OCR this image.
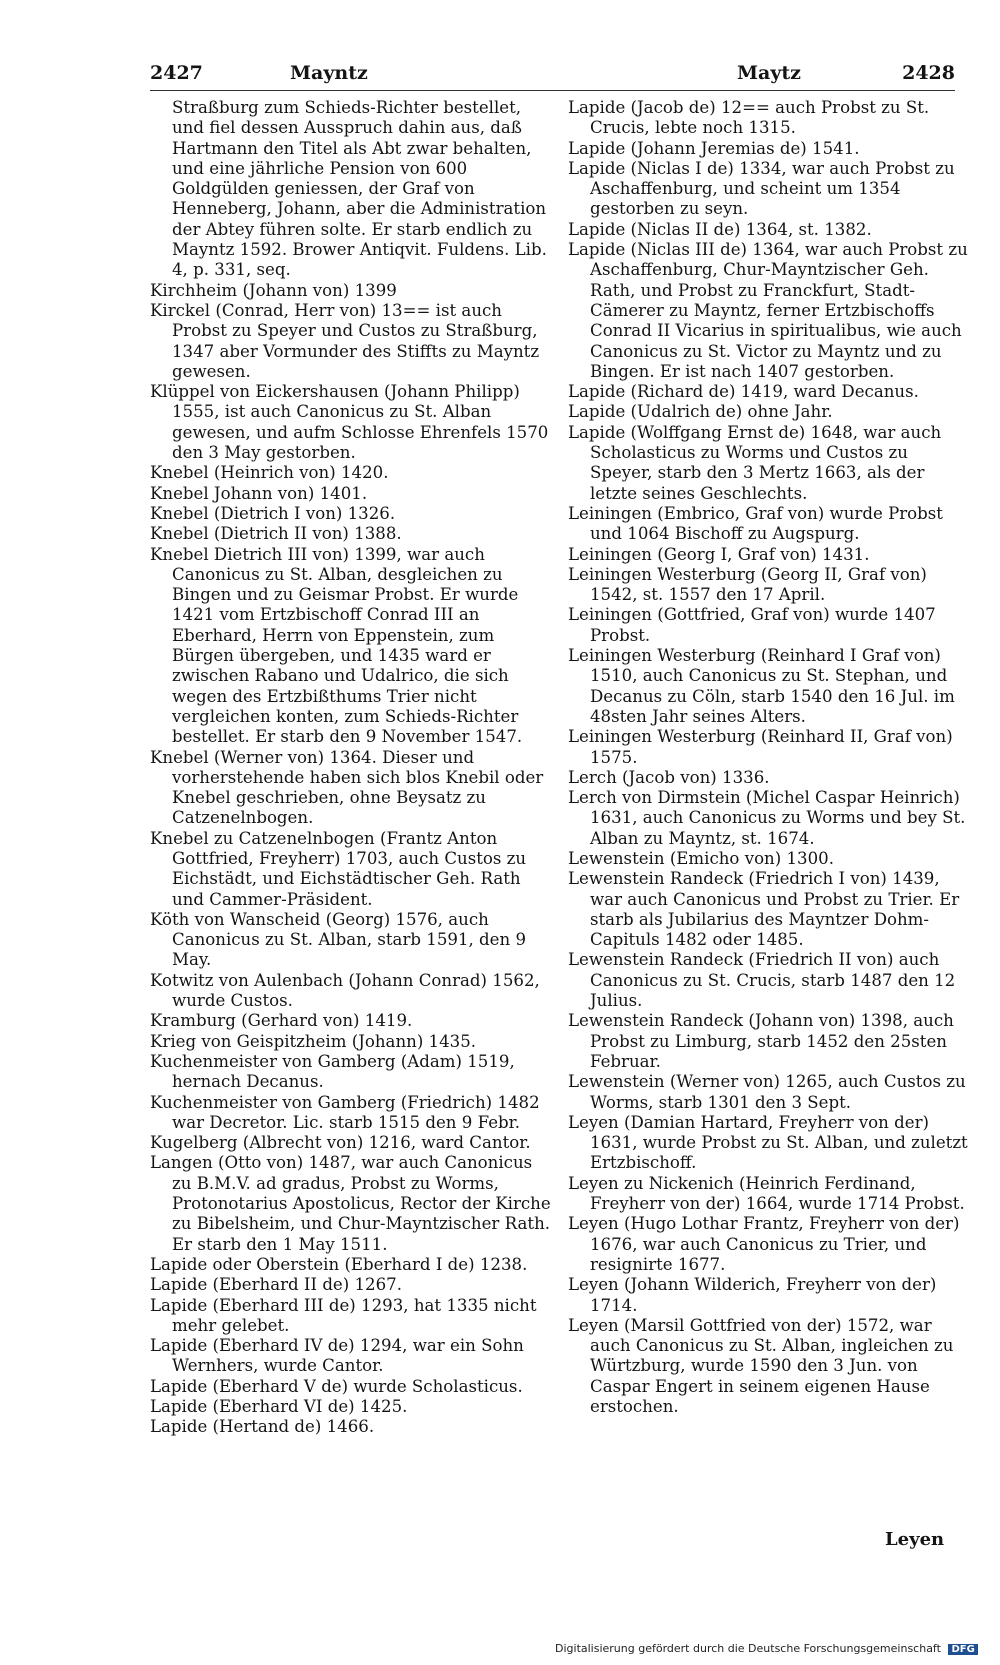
2427	Mayntz	Maytz	2428

Straßburg zum Schieds-Richter bestellet, und fiel dessen Ausspruch dahin aus, daß Hartmann den Titel als Abt zwar behalten, und eine jährliche Pension von 600 Goldgülden geniessen, der Graf von Henneberg, Johann, aber die Administration der Abtey führen solte. Er starb endlich zu Mayntz 1592. Brower Antiqvit. Fuldens. Lib. 4, p. 331, seq.

Kirchheim (Johann von) 1399

Kirckel (Conrad, Herr von) 13== ist auch Probst zu Speyer und Custos zu Straßburg, 1347 aber Vormunder des Stiffts zu Mayntz gewesen.

Klüppel von Eickershausen (Johann Philipp) 1555, ist auch Canonicus zu St. Alban gewesen, und aufm Schlosse Ehrenfels 1570 den 3 May gestorben.

Knebel (Heinrich von) 1420.

Knebel Johann von) 1401.

Knebel (Dietrich I von) 1326.

Knebel (Dietrich II von) 1388.

Knebel Dietrich III von) 1399, war auch Canonicus zu St. Alban, desgleichen zu Bingen und zu Geismar Probst. Er wurde 1421 vom Ertzbischoff Conrad III an Eberhard, Herrn von Eppenstein, zum Bürgen übergeben, und 1435 ward er zwischen Rabano und Udalrico, die sich wegen des Ertzbißthums Trier nicht vergleichen konten, zum Schieds-Richter bestellet. Er starb den 9 November 1547.

Knebel (Werner von) 1364. Dieser und vorherstehende haben sich blos Knebil oder Knebel geschrieben, ohne Beysatz zu Catzenelnbogen.

Knebel zu Catzenelnbogen (Frantz Anton Gottfried, Freyherr) 1703, auch Custos zu Eichstädt, und Eichstädtischer Geh. Rath und Cammer-Präsident.

Köth von Wanscheid (Georg) 1576, auch Canonicus zu St. Alban, starb 1591, den 9 May.

Kotwitz von Aulenbach (Johann Conrad) 1562, wurde Custos.

Kramburg (Gerhard von) 1419.

Krieg von Geispitzheim (Johann) 1435.

Kuchenmeister von Gamberg (Adam) 1519, hernach Decanus.

Kuchenmeister von Gamberg (Friedrich) 1482 war Decretor. Lic. starb 1515 den 9 Febr.

Kugelberg (Albrecht von) 1216, ward Cantor.

Langen (Otto von) 1487, war auch Canonicus zu B.M.V. ad gradus, Probst zu Worms, Protonotarius Apostolicus, Rector der Kirche zu Bibelsheim, und Chur-Mayntzischer Rath. Er starb den 1 May 1511.

Lapide oder Oberstein (Eberhard I de) 1238.

Lapide (Eberhard II de) 1267.

Lapide (Eberhard III de) 1293, hat 1335 nicht mehr gelebet.

Lapide (Eberhard IV de) 1294, war ein Sohn Wernhers, wurde Cantor.

Lapide (Eberhard V de) wurde Scholasticus.

Lapide (Eberhard VI de) 1425.

Lapide (Hertand de) 1466.

Lapide (Jacob de) 12== auch Probst zu St. Crucis, lebte noch 1315.

Lapide (Johann Jeremias de) 1541.

Lapide (Niclas I de) 1334, war auch Probst zu Aschaffenburg, und scheint um 1354 gestorben zu seyn.

Lapide (Niclas II de) 1364, st. 1382.

Lapide (Niclas III de) 1364, war auch Probst zu Aschaffenburg, Chur-Mayntzischer Geh. Rath, und Probst zu Franckfurt, Stadt-Cämerer zu Mayntz, ferner Ertzbischoffs Conrad II Vicarius in spiritualibus, wie auch Canonicus zu St. Victor zu Mayntz und zu Bingen. Er ist nach 1407 gestorben.

Lapide (Richard de) 1419, ward Decanus.

Lapide (Udalrich de) ohne Jahr.

Lapide (Wolffgang Ernst de) 1648, war auch Scholasticus zu Worms und Custos zu Speyer, starb den 3 Mertz 1663, als der letzte seines Geschlechts.

Leiningen (Embrico, Graf von) wurde Probst und 1064 Bischoff zu Augspurg.

Leiningen (Georg I, Graf von) 1431.

Leiningen Westerburg (Georg II, Graf von) 1542, st. 1557 den 17 April.

Leiningen (Gottfried, Graf von) wurde 1407 Probst.

Leiningen Westerburg (Reinhard I Graf von) 1510, auch Canonicus zu St. Stephan, und Decanus zu Cöln, starb 1540 den 16 Jul. im 48sten Jahr seines Alters.

Leiningen Westerburg (Reinhard II, Graf von) 1575.

Lerch (Jacob von) 1336.

Lerch von Dirmstein (Michel Caspar Heinrich) 1631, auch Canonicus zu Worms und bey St. Alban zu Mayntz, st. 1674.

Lewenstein (Emicho von) 1300.

Lewenstein Randeck (Friedrich I von) 1439, war auch Canonicus und Probst zu Trier. Er starb als Jubilarius des Mayntzer Dohm-Capituls 1482 oder 1485.

Lewenstein Randeck (Friedrich II von) auch Canonicus zu St. Crucis, starb 1487 den 12 Julius.

Lewenstein Randeck (Johann von) 1398, auch Probst zu Limburg, starb 1452 den 25sten Februar.

Lewenstein (Werner von) 1265, auch Custos zu Worms, starb 1301 den 3 Sept.

Leyen (Damian Hartard, Freyherr von der) 1631, wurde Probst zu St. Alban, und zuletzt Ertzbischoff.

Leyen zu Nickenich (Heinrich Ferdinand, Freyherr von der) 1664, wurde 1714 Probst.

Leyen (Hugo Lothar Frantz, Freyherr von der) 1676, war auch Canonicus zu Trier, und resignirte 1677.

Leyen (Johann Wilderich, Freyherr von der) 1714.

Leyen (Marsil Gottfried von der) 1572, war auch Canonicus zu St. Alban, ingleichen zu Würtzburg, wurde 1590 den 3 Jun. von Caspar Engert in seinem eigenen Hause erstochen.

Leyen
Digitalisierung gefördert durch die Deutsche Forschungsgemeinschaft DFG
